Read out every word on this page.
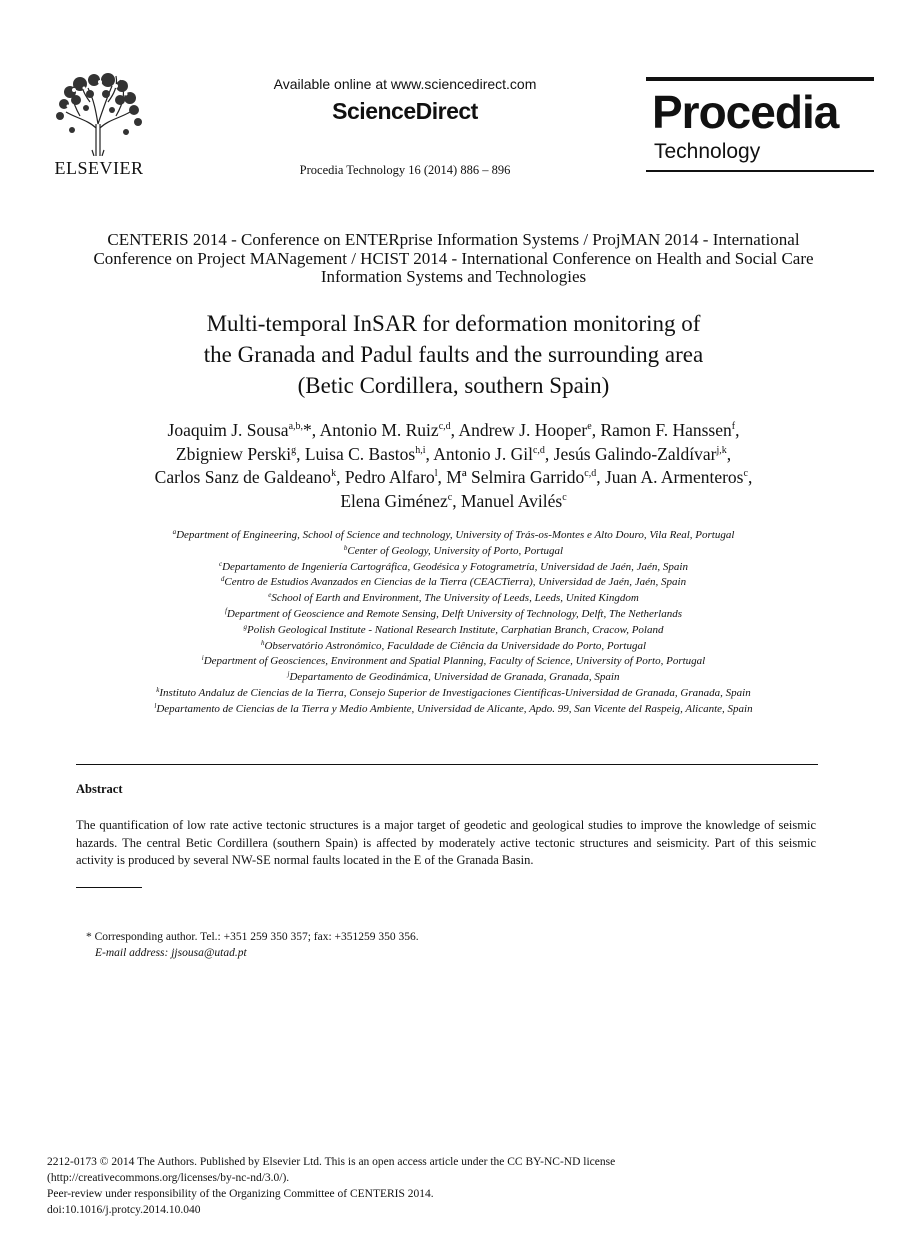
ELSEVIER
Available online at www.sciencedirect.com
ScienceDirect
Procedia Technology 16 (2014) 886 – 896
Procedia
Technology
CENTERIS 2014 - Conference on ENTERprise Information Systems / ProjMAN 2014 - International Conference on Project MANagement / HCIST 2014 - International Conference on Health and Social Care Information Systems and Technologies
Multi-temporal InSAR for deformation monitoring of
the Granada and Padul faults and the surrounding area
(Betic Cordillera, southern Spain)
Joaquim J. Sousa$^{a,b,}$*, Antonio M. Ruiz$^{c,d}$, Andrew J. Hooper$^e$, Ramon F. Hanssen$^f$,
Zbigniew Perski$^g$, Luisa C. Bastos$^{h,i}$, Antonio J. Gil$^{c,d}$, Jesús Galindo-Zaldívar$^{j,k}$,
Carlos Sanz de Galdeano$^k$, Pedro Alfaro$^l$, Mª Selmira Garrido$^{c,d}$, Juan A. Armenteros$^c$,
Elena Giménez$^c$, Manuel Avilés$^c$
$^a$Department of Engineering, School of Science and technology, University of Trás-os-Montes e Alto Douro, Vila Real, Portugal
$^b$Center of Geology, University of Porto, Portugal
$^c$Departamento de Ingeniería Cartográfica, Geodésica y Fotogrametría, Universidad de Jaén, Jaén, Spain
$^d$Centro de Estudios Avanzados en Ciencias de la Tierra (CEACTierra), Universidad de Jaén, Jaén, Spain
$^e$School of Earth and Environment, The University of Leeds, Leeds, United Kingdom
$^f$Department of Geoscience and Remote Sensing, Delft University of Technology, Delft, The Netherlands
$^g$Polish Geological Institute - National Research Institute, Carphatian Branch, Cracow, Poland
$^h$Observatório Astronómico, Faculdade de Ciência da Universidade do Porto, Portugal
$^i$Department of Geosciences, Environment and Spatial Planning, Faculty of Science, University of Porto, Portugal
$^j$Departamento de Geodinámica, Universidad de Granada, Granada, Spain
$^k$Instituto Andaluz de Ciencias de la Tierra, Consejo Superior de Investigaciones Científicas-Universidad de Granada, Granada, Spain
$^l$Departamento de Ciencias de la Tierra y Medio Ambiente, Universidad de Alicante, Apdo. 99, San Vicente del Raspeig, Alicante, Spain
Abstract
The quantification of low rate active tectonic structures is a major target of geodetic and geological studies to improve the knowledge of seismic hazards. The central Betic Cordillera (southern Spain) is affected by moderately active tectonic structures and seismicity. Part of this seismic activity is produced by several NW-SE normal faults located in the E of the Granada Basin.
* Corresponding author. Tel.: +351 259 350 357; fax: +351259 350 356.
E-mail address: jjsousa@utad.pt
2212-0173 © 2014 The Authors. Published by Elsevier Ltd. This is an open access article under the CC BY-NC-ND license
(http://creativecommons.org/licenses/by-nc-nd/3.0/).
Peer-review under responsibility of the Organizing Committee of CENTERIS 2014.
doi:10.1016/j.protcy.2014.10.040
